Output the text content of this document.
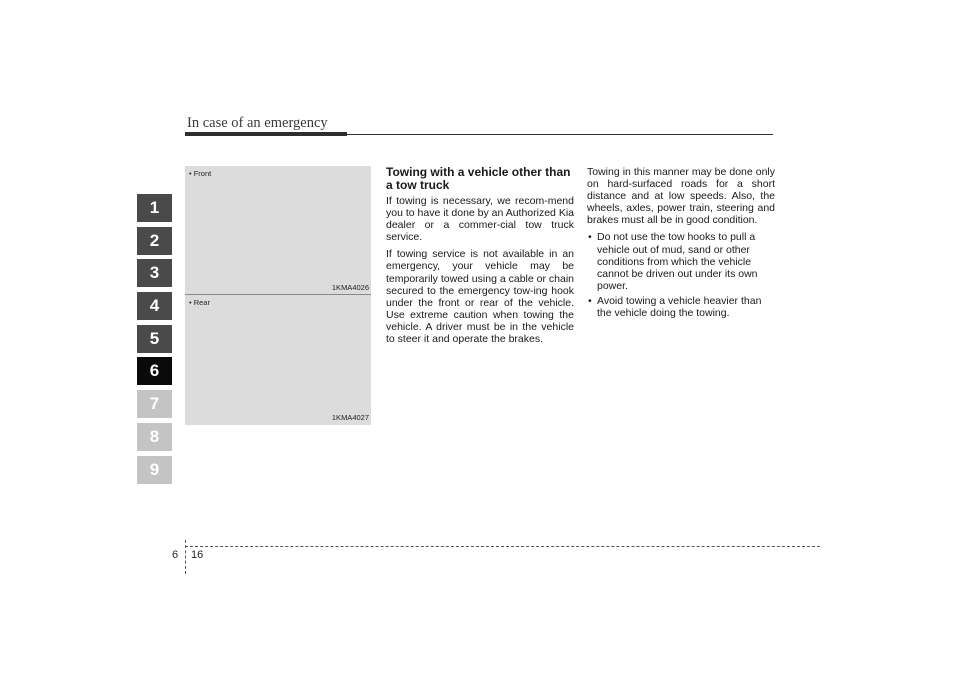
In case of an emergency
1
2
3
4
5
6
7
8
9
• Front
1KMA4026
• Rear
1KMA4027
Towing with a vehicle other than a tow truck

If towing is necessary, we recom-mend you to have it done by an Authorized Kia dealer or a commer-cial tow truck service.

If towing service is not available in an emergency, your vehicle may be temporarily towed using a cable or chain secured to the emergency tow-ing hook under the front or rear of the vehicle. Use extreme caution when towing the vehicle. A driver must be in the vehicle to steer it and operate the brakes.

Towing in this manner may be done only on hard-surfaced roads for a short distance and at low speeds. Also, the wheels, axles, power train, steering and brakes must all be in good condition.

• Do not use the tow hooks to pull a vehicle out of mud, sand or other conditions from which the vehicle cannot be driven out under its own power.
• Avoid towing a vehicle heavier than the vehicle doing the towing.
6 16
